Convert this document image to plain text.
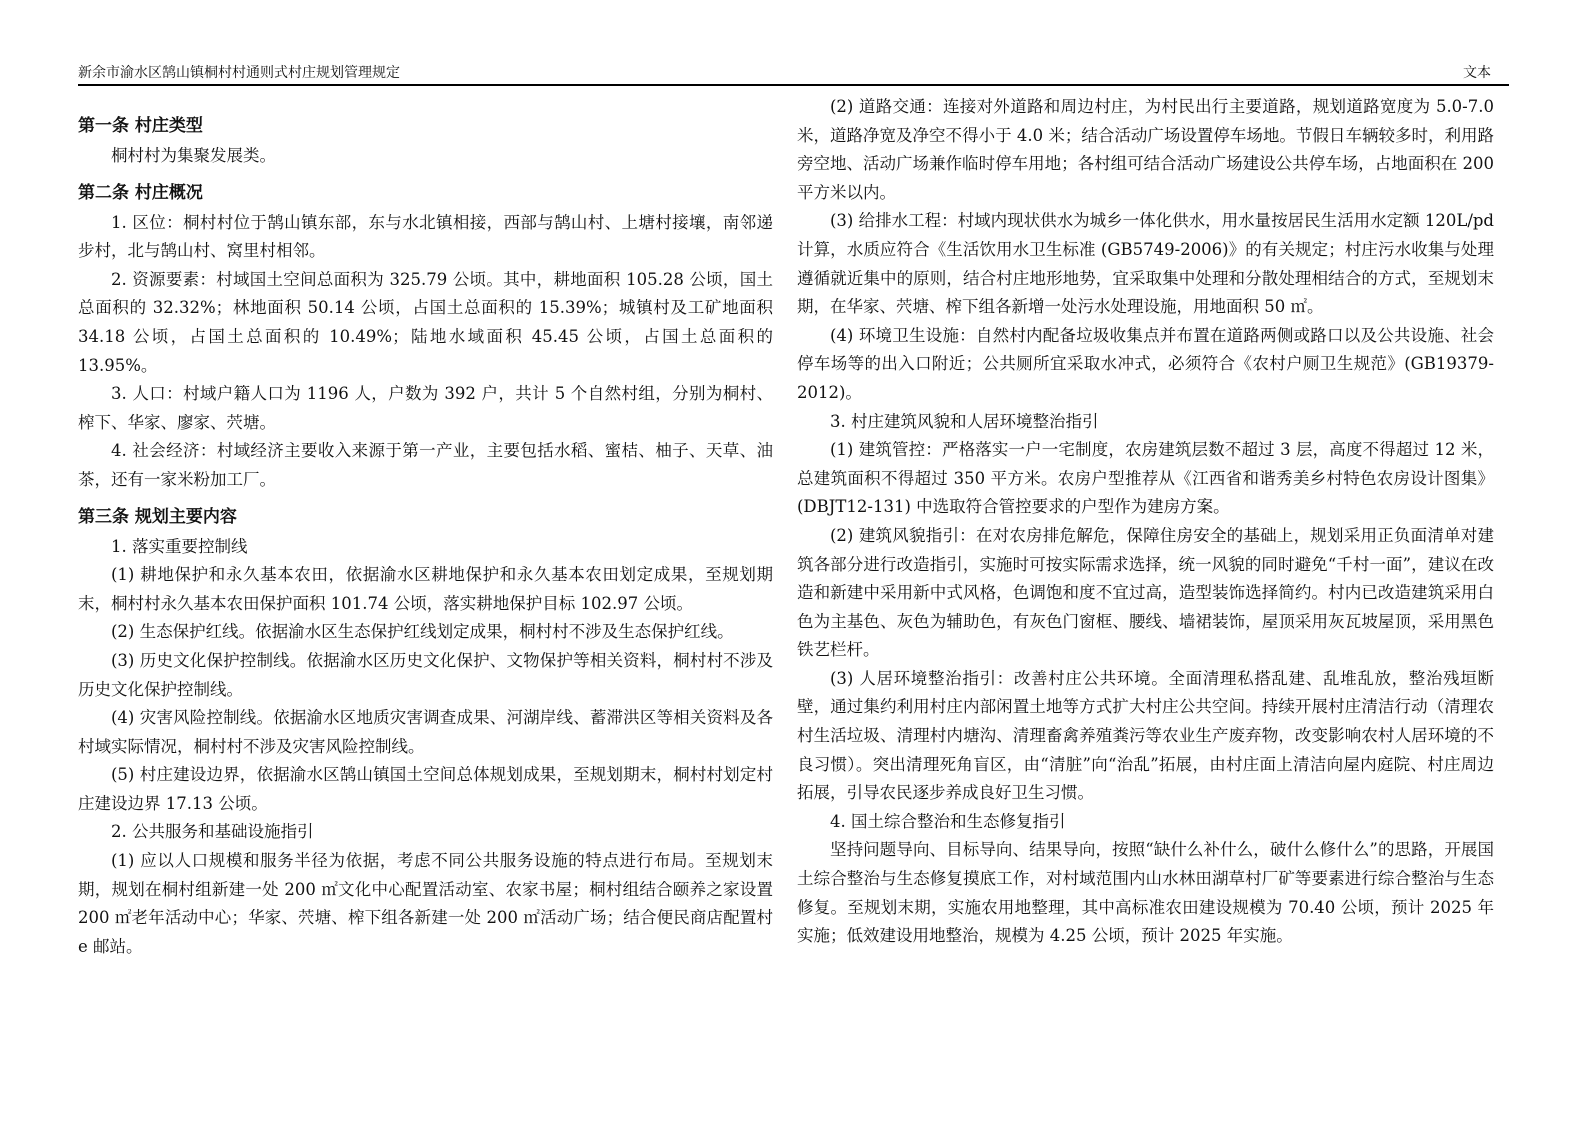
新余市渝水区鹄山镇桐村村通则式村庄规划管理规定	文本
第一条 村庄类型

桐村村为集聚发展类。

第二条 村庄概况

1. 区位：桐村村位于鹄山镇东部，东与水北镇相接，西部与鹄山村、上塘村接壤，南邻递步村，北与鹄山村、窝里村相邻。

2. 资源要素：村域国土空间总面积为 325.79 公顷。其中，耕地面积 105.28 公顷，国土总面积的 32.32%；林地面积 50.14 公顷，占国土总面积的 15.39%；城镇村及工矿地面积 34.18 公顷，占国土总面积的 10.49%；陆地水域面积 45.45 公顷，占国土总面积的 13.95%。

3. 人口：村域户籍人口为 1196 人，户数为 392 户，共计 5 个自然村组，分别为桐村、榨下、华家、廖家、茓塘。

4. 社会经济：村域经济主要收入来源于第一产业，主要包括水稻、蜜桔、柚子、天草、油茶，还有一家米粉加工厂。

第三条 规划主要内容

1. 落实重要控制线

(1) 耕地保护和永久基本农田，依据渝水区耕地保护和永久基本农田划定成果，至规划期末，桐村村永久基本农田保护面积 101.74 公顷，落实耕地保护目标 102.97 公顷。

(2) 生态保护红线。依据渝水区生态保护红线划定成果，桐村村不涉及生态保护红线。

(3) 历史文化保护控制线。依据渝水区历史文化保护、文物保护等相关资料，桐村村不涉及历史文化保护控制线。

(4) 灾害风险控制线。依据渝水区地质灾害调查成果、河湖岸线、蓄滞洪区等相关资料及各村域实际情况，桐村村不涉及灾害风险控制线。

(5) 村庄建设边界，依据渝水区鹄山镇国土空间总体规划成果，至规划期末，桐村村划定村庄建设边界 17.13 公顷。

2. 公共服务和基础设施指引

(1) 应以人口规模和服务半径为依据，考虑不同公共服务设施的特点进行布局。至规划末期，规划在桐村组新建一处 200 ㎡文化中心配置活动室、农家书屋；桐村组结合颐养之家设置 200 ㎡老年活动中心；华家、茓塘、榨下组各新建一处 200 ㎡活动广场；结合便民商店配置村 e 邮站。

(2) 道路交通：连接对外道路和周边村庄，为村民出行主要道路，规划道路宽度为 5.0-7.0 米，道路净宽及净空不得小于 4.0 米；结合活动广场设置停车场地。节假日车辆较多时，利用路旁空地、活动广场兼作临时停车用地；各村组可结合活动广场建设公共停车场，占地面积在 200 平方米以内。

(3) 给排水工程：村域内现状供水为城乡一体化供水，用水量按居民生活用水定额 120L/pd 计算，水质应符合《生活饮用水卫生标准 (GB5749-2006)》的有关规定；村庄污水收集与处理遵循就近集中的原则，结合村庄地形地势，宜采取集中处理和分散处理相结合的方式，至规划末期，在华家、茓塘、榨下组各新增一处污水处理设施，用地面积 50 ㎡。

(4) 环境卫生设施：自然村内配备垃圾收集点并布置在道路两侧或路口以及公共设施、社会停车场等的出入口附近；公共厕所宜采取水冲式，必须符合《农村户厕卫生规范》(GB19379-2012)。

3. 村庄建筑风貌和人居环境整治指引

(1) 建筑管控：严格落实一户一宅制度，农房建筑层数不超过 3 层，高度不得超过 12 米，总建筑面积不得超过 350 平方米。农房户型推荐从《江西省和谐秀美乡村特色农房设计图集》(DBJT12-131) 中选取符合管控要求的户型作为建房方案。

(2) 建筑风貌指引：在对农房排危解危，保障住房安全的基础上，规划采用正负面清单对建筑各部分进行改造指引，实施时可按实际需求选择，统一风貌的同时避免“千村一面”，建议在改造和新建中采用新中式风格，色调饱和度不宜过高，造型装饰选择简约。村内已改造建筑采用白色为主基色、灰色为辅助色，有灰色门窗框、腰线、墙裙装饰，屋顶采用灰瓦坡屋顶，采用黑色铁艺栏杆。

(3) 人居环境整治指引：改善村庄公共环境。全面清理私搭乱建、乱堆乱放，整治残垣断壁，通过集约利用村庄内部闲置土地等方式扩大村庄公共空间。持续开展村庄清洁行动（清理农村生活垃圾、清理村内塘沟、清理畜禽养殖粪污等农业生产废弃物，改变影响农村人居环境的不良习惯）。突出清理死角盲区，由“清脏”向“治乱”拓展，由村庄面上清洁向屋内庭院、村庄周边拓展，引导农民逐步养成良好卫生习惯。

4. 国土综合整治和生态修复指引

坚持问题导向、目标导向、结果导向，按照“缺什么补什么，破什么修什么”的思路，开展国土综合整治与生态修复摸底工作，对村域范围内山水林田湖草村厂矿等要素进行综合整治与生态修复。至规划末期，实施农用地整理，其中高标准农田建设规模为 70.40 公顷，预计 2025 年实施；低效建设用地整治，规模为 4.25 公顷，预计 2025 年实施。
